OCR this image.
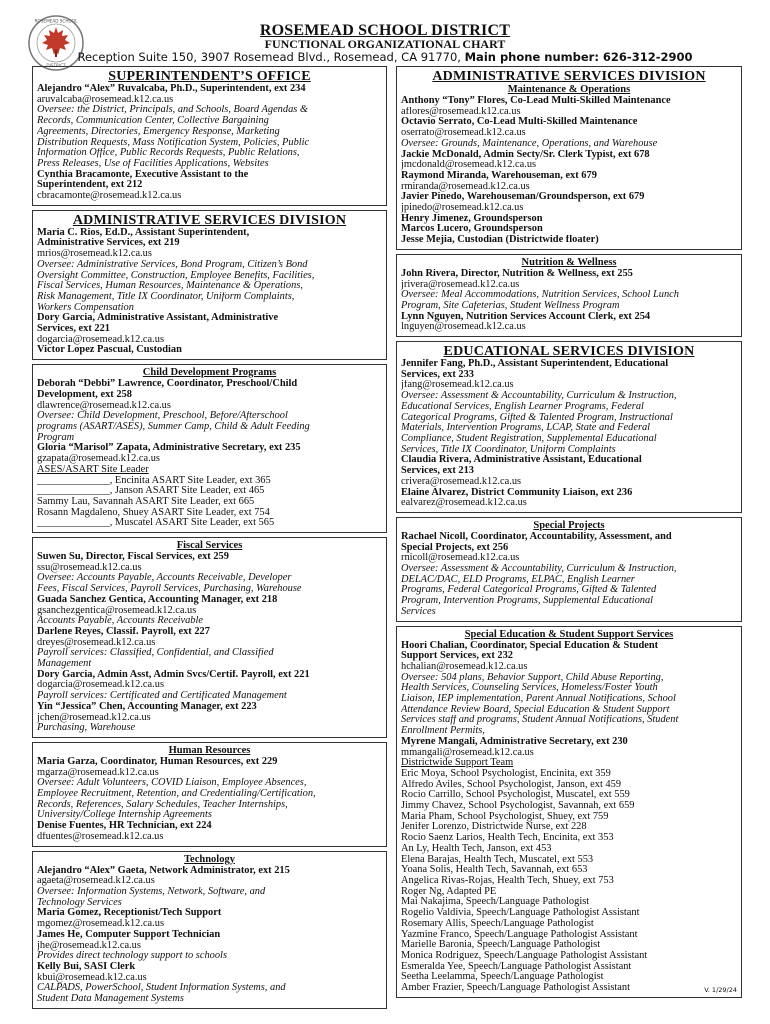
ROSEMEAD SCHOOL
DISTRICT
ROSEMEAD SCHOOL DISTRICT
FUNCTIONAL ORGANIZATIONAL CHART
Reception Suite 150, 3907 Rosemead Blvd., Rosemead, CA 91770, Main phone number: 626-312-2900
SUPERINTENDENT’S OFFICE
Alejandro “Alex” Ruvalcaba, Ph.D., Superintendent, ext 234
aruvalcaba@rosemead.k12.ca.us
Oversee: the District, Principals, and Schools, Board Agendas &
Records, Communication Center, Collective Bargaining
Agreements, Directories, Emergency Response, Marketing
Distribution Requests, Mass Notification System, Policies, Public
Information Office, Public Records Requests, Public Relations,
Press Releases, Use of Facilities Applications, Websites
Cynthia Bracamonte, Executive Assistant to the
Superintendent, ext 212
cbracamonte@rosemead.k12.ca.us
ADMINISTRATIVE SERVICES DIVISION
Maria C. Rios, Ed.D., Assistant Superintendent,
Administrative Services, ext 219
mrios@rosemead.k12.ca.us
Oversee: Administrative Services, Bond Program, Citizen’s Bond
Oversight Committee, Construction, Employee Benefits, Facilities,
Fiscal Services, Human Resources, Maintenance & Operations,
Risk Management, Title IX Coordinator, Uniform Complaints,
Workers Compensation
Dory Garcia, Administrative Assistant, Administrative
Services, ext 221
dogarcia@rosemead.k12.ca.us
Victor Lopez Pascual, Custodian
Child Development Programs
Deborah “Debbi” Lawrence, Coordinator, Preschool/Child
Development, ext 258
dlawrence@rosemead.k12.ca.us
Oversee: Child Development, Preschool, Before/Afterschool
programs (ASART/ASES), Summer Camp, Child & Adult Feeding
Program
Gloria “Marisol” Zapata, Administrative Secretary, ext 235
gzapata@rosemead.k12.ca.us
ASES/ASART Site Leader
______________, Encinita ASART Site Leader, ext 365
______________, Janson ASART Site Leader, ext 465
Sammy Lau, Savannah ASART Site Leader, ext 665
Rosann Magdaleno, Shuey ASART Site Leader, ext 754
______________, Muscatel ASART Site Leader, ext 565
Fiscal Services
Suwen Su, Director, Fiscal Services, ext 259
ssu@rosemead.k12.ca.us
Oversee: Accounts Payable, Accounts Receivable, Developer
Fees, Fiscal Services, Payroll Services, Purchasing, Warehouse
Guada Sanchez Gentica, Accounting Manager, ext 218
gsanchezgentica@rosemead.k12.ca.us
Accounts Payable, Accounts Receivable
Darlene Reyes, Classif. Payroll, ext 227
dreyes@rosemead.k12.ca.us
Payroll services: Classified, Confidential, and Classified
Management
Dory Garcia, Admin Asst, Admin Svcs/Certif. Payroll, ext 221
dogarcia@rosemead.k12.ca.us
Payroll services: Certificated and Certificated Management
Yin “Jessica” Chen, Accounting Manager, ext 223
jchen@rosemead.k12.ca.us
Purchasing, Warehouse
Human Resources
Maria Garza, Coordinator, Human Resources, ext 229
mgarza@rosemead.k12.ca.us
Oversee: Adult Volunteers, COVID Liaison, Employee Absences,
Employee Recruitment, Retention, and Credentialing/Certification,
Records, References, Salary Schedules, Teacher Internships,
University/College Internship Agreements
Denise Fuentes, HR Technician, ext 224
dfuentes@rosemead.k12.ca.us
Technology
Alejandro “Alex” Gaeta, Network Administrator, ext 215
agaeta@rosemead.k12.ca.us
Oversee: Information Systems, Network, Software, and
Technology Services
Maria Gomez, Receptionist/Tech Support
mgomez@rosemead.k12.ca.us
James He, Computer Support Technician
jhe@rosemead.k12.ca.us
Provides direct technology support to schools
Kelly Bui, SASI Clerk
kbui@rosemead.k12.ca.us
CALPADS, PowerSchool, Student Information Systems, and
Student Data Management Systems
ADMINISTRATIVE SERVICES DIVISION
Maintenance & Operations
Anthony “Tony” Flores, Co-Lead Multi-Skilled Maintenance
aflores@rosemead.k12.ca.us
Octavio Serrato, Co-Lead Multi-Skilled Maintenance
oserrato@rosemead.k12.ca.us
Oversee: Grounds, Maintenance, Operations, and Warehouse
Jackie McDonald, Admin Secty/Sr. Clerk Typist, ext 678
jmcdonald@rosemead.k12.ca.us
Raymond Miranda, Warehouseman, ext 679
rmiranda@rosemead.k12.ca.us
Javier Pinedo, Warehouseman/Groundsperson, ext 679
jpinedo@rosemead.k12.ca.us
Henry Jimenez, Groundsperson
Marcos Lucero, Groundsperson
Jesse Mejia, Custodian (Districtwide floater)
Nutrition & Wellness
John Rivera, Director, Nutrition & Wellness, ext 255
jrivera@rosemead.k12.ca.us
Oversee: Meal Accommodations, Nutrition Services, School Lunch
Program, Site Cafeterias, Student Wellness Program
Lynn Nguyen, Nutrition Services Account Clerk, ext 254
lnguyen@rosemead.k12.ca.us
EDUCATIONAL SERVICES DIVISION
Jennifer Fang, Ph.D., Assistant Superintendent, Educational
Services, ext 233
jfang@rosemead.k12.ca.us
Oversee: Assessment & Accountability, Curriculum & Instruction,
Educational Services, English Learner Programs, Federal
Categorical Programs, Gifted & Talented Program, Instructional
Materials, Intervention Programs, LCAP, State and Federal
Compliance, Student Registration, Supplemental Educational
Services, Title IX Coordinator, Uniform Complaints
Claudia Rivera, Administrative Assistant, Educational
Services, ext 213
crivera@rosemead.k12.ca.us
Elaine Alvarez, District Community Liaison, ext 236
ealvarez@rosemead.k12.ca.us
Special Projects
Rachael Nicoll, Coordinator, Accountability, Assessment, and
Special Projects, ext 256
rnicoll@rosemead.k12.ca.us
Oversee: Assessment & Accountability, Curriculum & Instruction,
DELAC/DAC, ELD Programs, ELPAC, English Learner
Programs, Federal Categorical Programs, Gifted & Talented
Program, Intervention Programs, Supplemental Educational
Services
Special Education & Student Support Services
Hoori Chalian, Coordinator, Special Education & Student
Support Services, ext 232
hchalian@rosemead.k12.ca.us
Oversee: 504 plans, Behavior Support, Child Abuse Reporting,
Health Services, Counseling Services, Homeless/Foster Youth
Liaison, IEP implementation, Parent Annual Notifications, School
Attendance Review Board, Special Education & Student Support
Services staff and programs, Student Annual Notifications, Student
Enrollment Permits,
Myrene Mangali, Administrative Secretary, ext 230
mmangali@rosemead.k12.ca.us
Districtwide Support Team
Eric Moya, School Psychologist, Encinita, ext 359
Alfredo Aviles, School Psychologist, Janson, ext 459
Rocio Carrillo, School Psychologist, Muscatel, ext 559
Jimmy Chavez, School Psychologist, Savannah, ext 659
Maria Pham, School Psychologist, Shuey, ext 759
Jenifer Lorenzo, Districtwide Nurse, ext 228
Rocio Saenz Larios, Health Tech, Encinita, ext 353
An Ly, Health Tech, Janson, ext 453
Elena Barajas, Health Tech, Muscatel, ext 553
Yoana Solis, Health Tech, Savannah, ext 653
Angelica Rivas-Rojas, Health Tech, Shuey, ext 753
Roger Ng, Adapted PE
Mai Nakajima, Speech/Language Pathologist
Rogelio Valdivia, Speech/Language Pathologist Assistant
Rosemary Allis, Speech/Language Pathologist
Yazmine Franco, Speech/Language Pathologist Assistant
Marielle Baronia, Speech/Language Pathologist
Monica Rodriguez, Speech/Language Pathologist Assistant
Esmeralda Yee, Speech/Language Pathologist Assistant
Seetha Leelamma, Speech/Language Pathologist
Amber Frazier, Speech/Language Pathologist Assistant	V. 1/29/24
